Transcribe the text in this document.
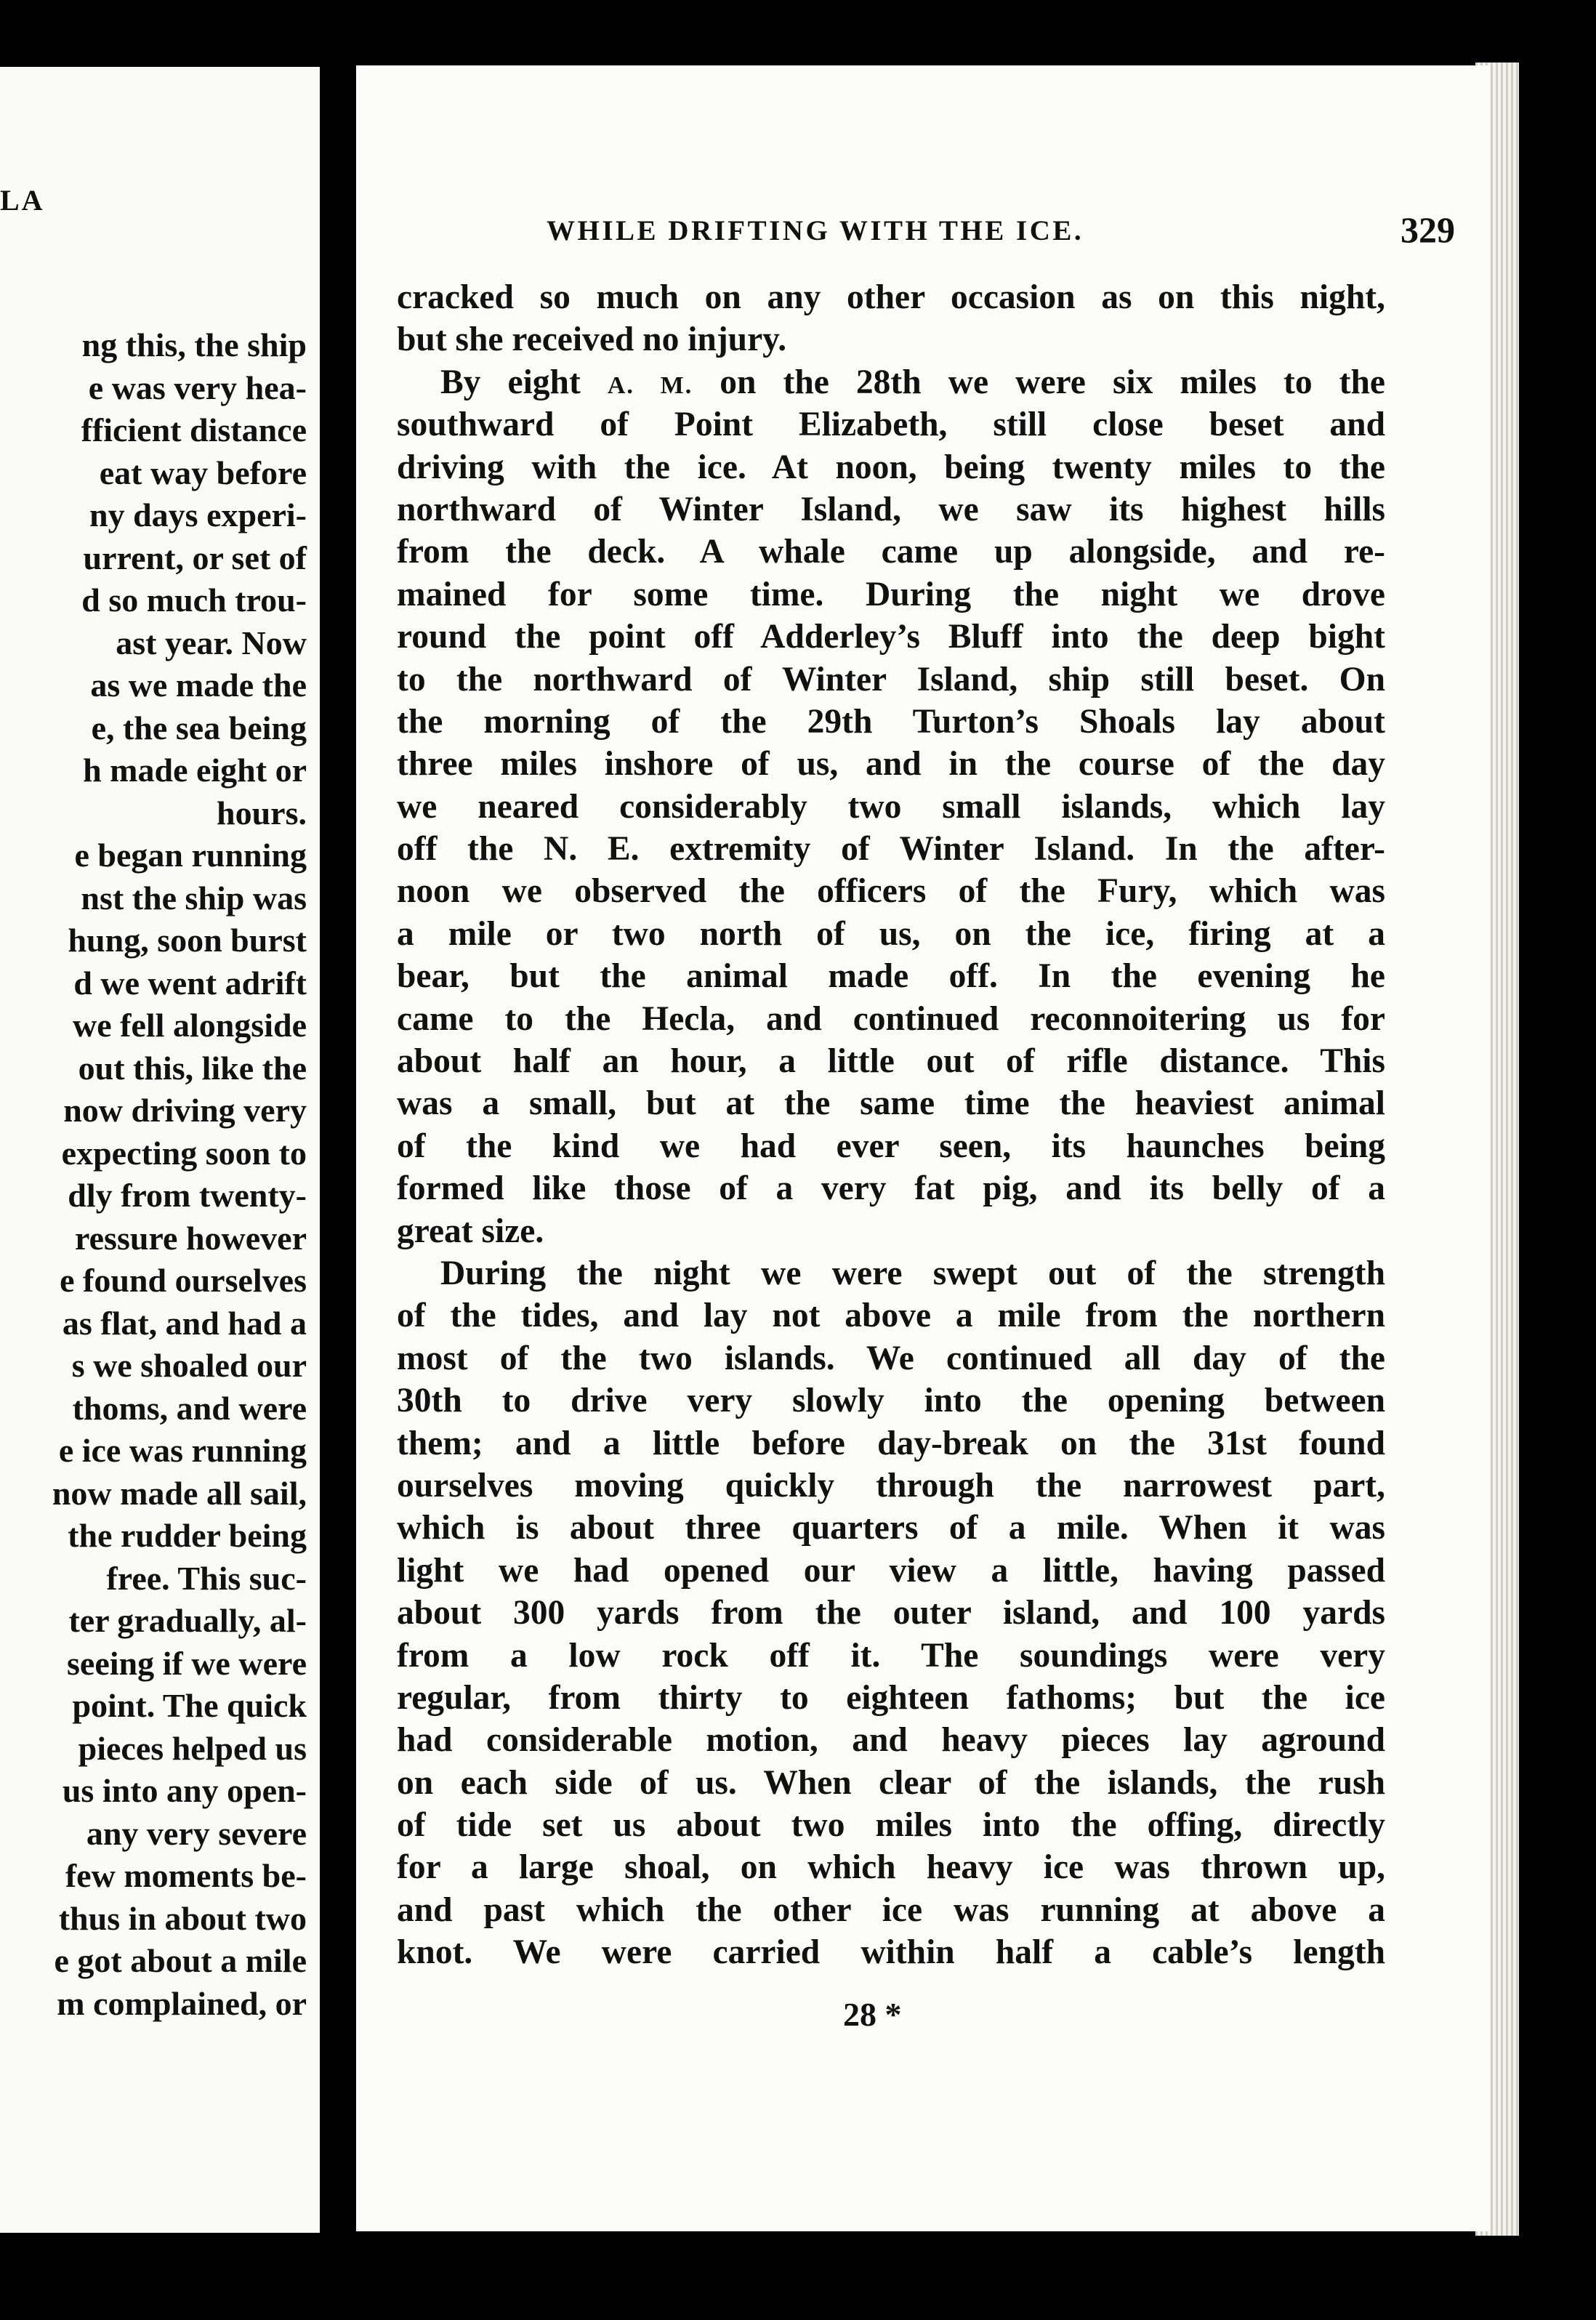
LA
ng this, the ship
e was very hea-
fficient distance
eat way before
ny days experi-
urrent, or set of
d so much trou-
ast year. Now
as we made the
e, the sea being
h made eight or
hours.
e began running
nst the ship was
hung, soon burst
d we went adrift
we fell alongside
out this, like the
now driving very
expecting soon to
dly from twenty-
ressure however
e found ourselves
as flat, and had a
s we shoaled our
thoms, and were
e ice was running
now made all sail,
the rudder being
free. This suc-
ter gradually, al-
seeing if we were
point. The quick
pieces helped us
us into any open-
any very severe
few moments be-
thus in about two
e got about a mile
m complained, or
WHILE DRIFTING WITH THE ICE.	329
cracked so much on any other occasion as on this night,
but she received no injury.
By eight A. M. on the 28th we were six miles to the
southward of Point Elizabeth, still close beset and
driving with the ice. At noon, being twenty miles to the
northward of Winter Island, we saw its highest hills
from the deck. A whale came up alongside, and re-
mained for some time. During the night we drove
round the point off Adderley’s Bluff into the deep bight
to the northward of Winter Island, ship still beset. On
the morning of the 29th Turton’s Shoals lay about
three miles inshore of us, and in the course of the day
we neared considerably two small islands, which lay
off the N. E. extremity of Winter Island. In the after-
noon we observed the officers of the Fury, which was
a mile or two north of us, on the ice, firing at a
bear, but the animal made off. In the evening he
came to the Hecla, and continued reconnoitering us for
about half an hour, a little out of rifle distance. This
was a small, but at the same time the heaviest animal
of the kind we had ever seen, its haunches being
formed like those of a very fat pig, and its belly of a
great size.
During the night we were swept out of the strength
of the tides, and lay not above a mile from the northern
most of the two islands. We continued all day of the
30th to drive very slowly into the opening between
them; and a little before day-break on the 31st found
ourselves moving quickly through the narrowest part,
which is about three quarters of a mile. When it was
light we had opened our view a little, having passed
about 300 yards from the outer island, and 100 yards
from a low rock off it. The soundings were very
regular, from thirty to eighteen fathoms; but the ice
had considerable motion, and heavy pieces lay aground
on each side of us. When clear of the islands, the rush
of tide set us about two miles into the offing, directly
for a large shoal, on which heavy ice was thrown up,
and past which the other ice was running at above a
knot. We were carried within half a cable’s length
28 *
